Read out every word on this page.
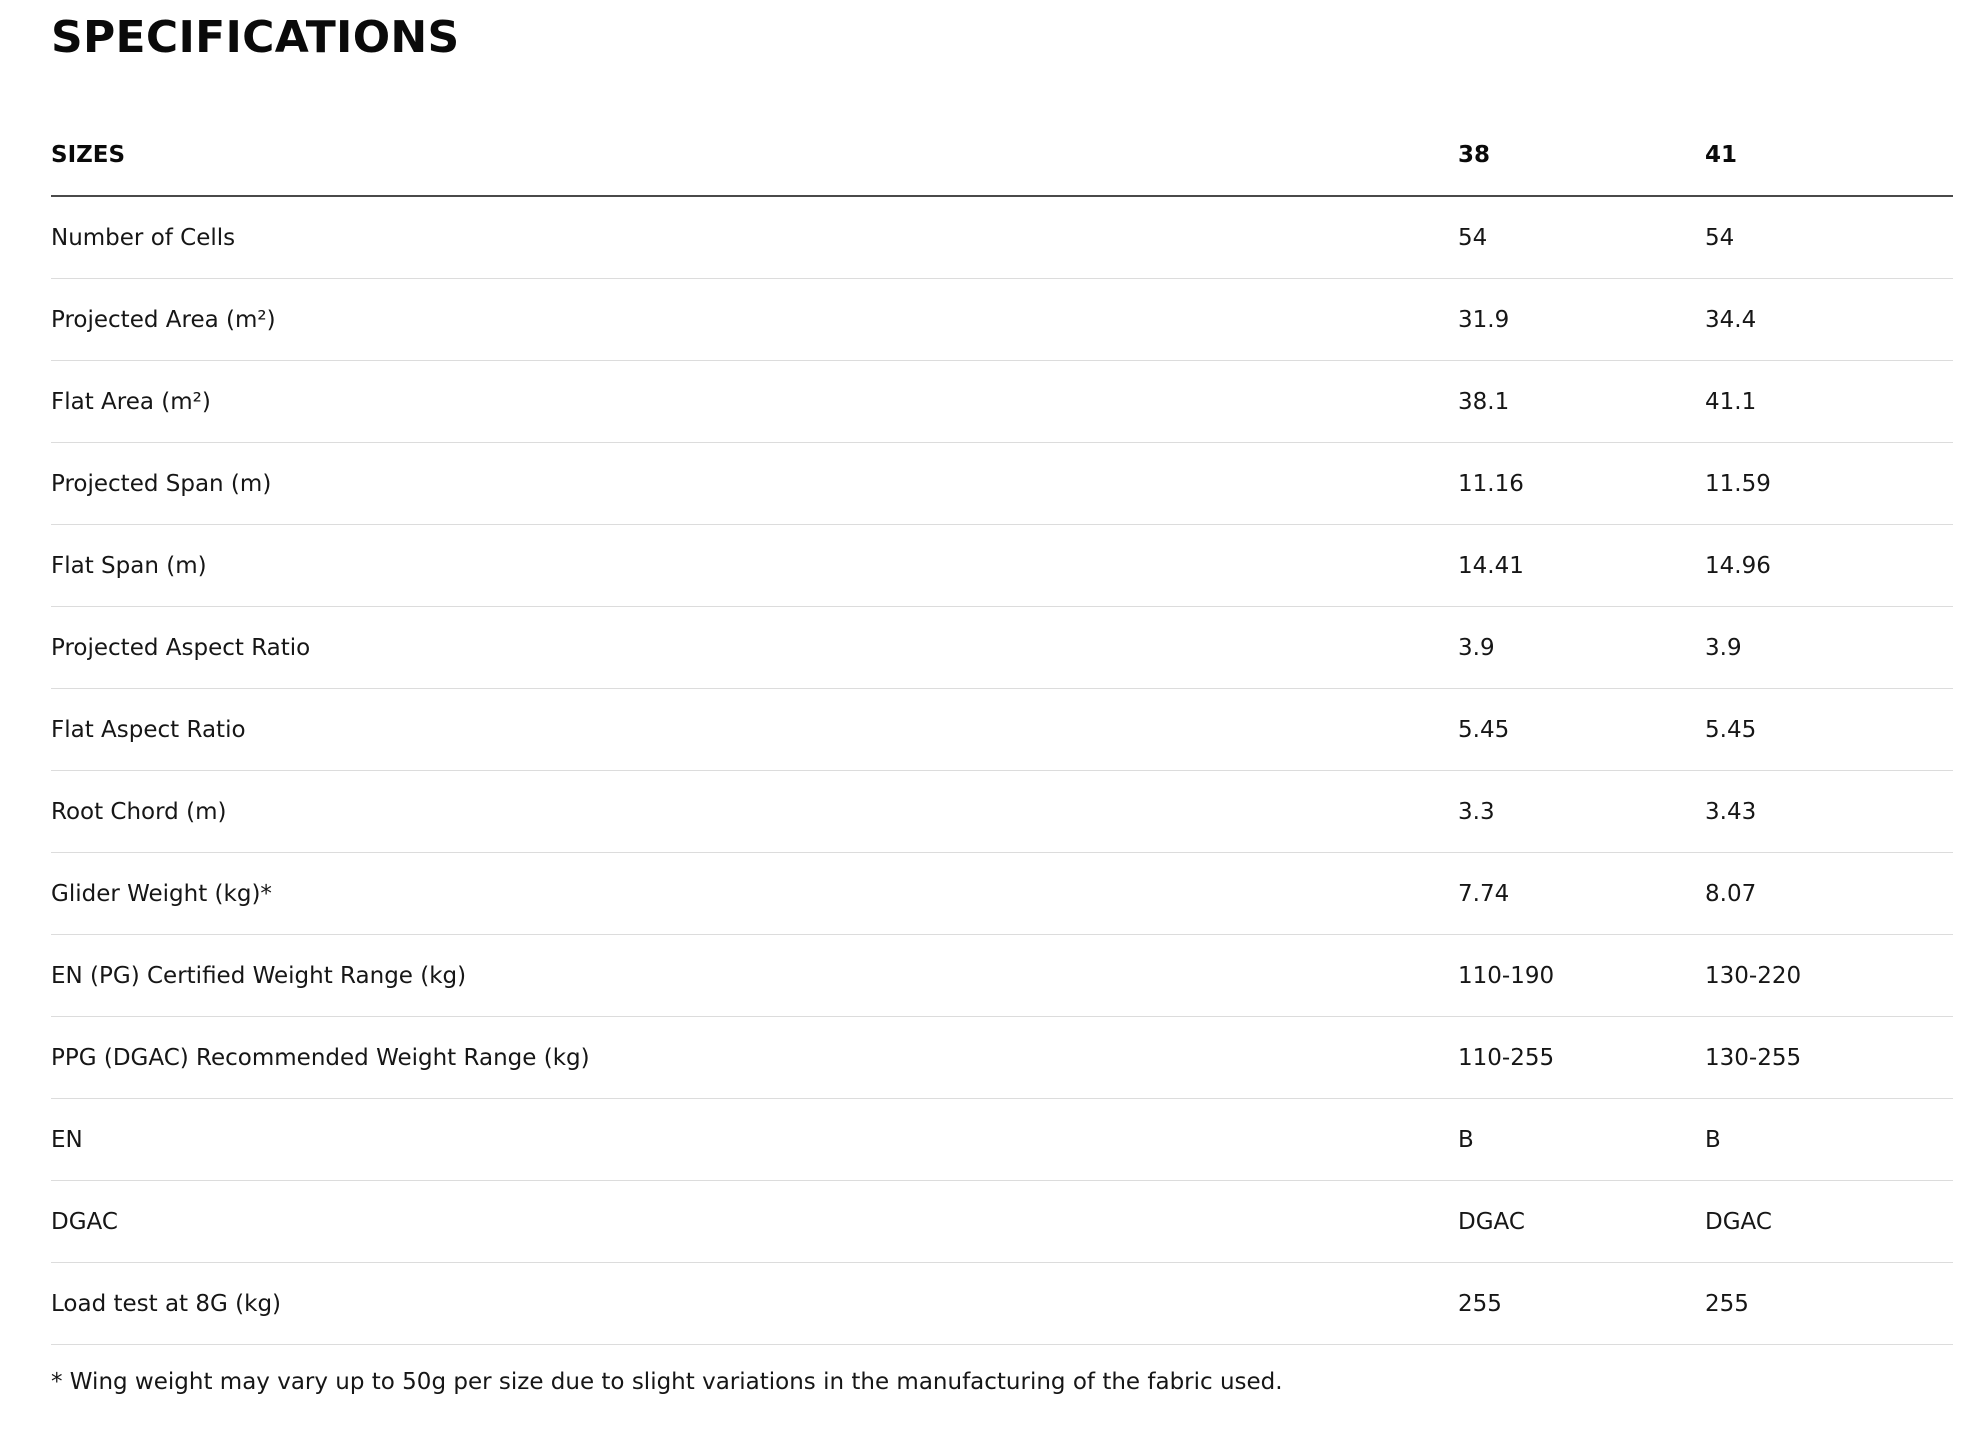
SPECIFICATIONS
SIZES	38	41
Number of Cells	54	54
Projected Area (m²)	31.9	34.4
Flat Area (m²)	38.1	41.1
Projected Span (m)	11.16	11.59
Flat Span (m)	14.41	14.96
Projected Aspect Ratio	3.9	3.9
Flat Aspect Ratio	5.45	5.45
Root Chord (m)	3.3	3.43
Glider Weight (kg)*	7.74	8.07
EN (PG) Certified Weight Range (kg)	110-190	130-220
PPG (DGAC) Recommended Weight Range (kg)	110-255	130-255
EN	B	B
DGAC	DGAC	DGAC
Load test at 8G (kg)	255	255

* Wing weight may vary up to 50g per size due to slight variations in the manufacturing of the fabric used.
